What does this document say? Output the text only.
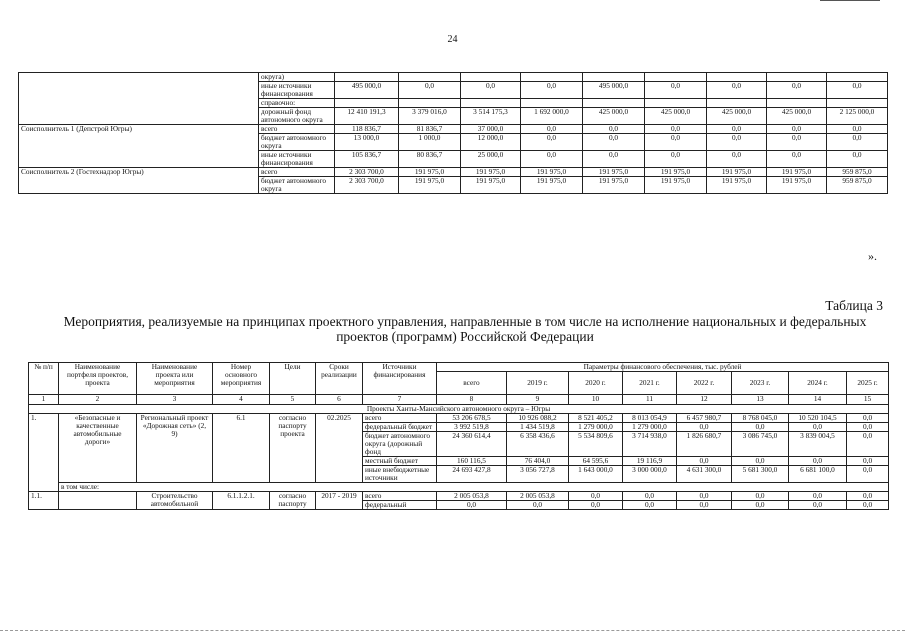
24
	округа)									
	иные источники финансирования	495 000,0	0,0	0,0	0,0	495 000,0	0,0	0,0	0,0	0,0
	справочно:									
	дорожный фонд автономного округа	12 410 191,3	3 379 016,0	3 514 175,3	1 692 000,0	425 000,0	425 000,0	425 000,0	425 000,0	2 125 000,0
Соисполнитель 1 (Депстрой Югры)	всего	118 836,7	81 836,7	37 000,0	0,0	0,0	0,0	0,0	0,0	0,0
	бюджет автономного округа	13 000,0	1 000,0	12 000,0	0,0	0,0	0,0	0,0	0,0	0,0
	иные источники финансирования	105 836,7	80 836,7	25 000,0	0,0	0,0	0,0	0,0	0,0	0,0
Соисполнитель 2 (Гостехнадзор Югры)	всего	2 303 700,0	191 975,0	191 975,0	191 975,0	191 975,0	191 975,0	191 975,0	191 975,0	959 875,0
	бюджет автономного округа	2 303 700,0	191 975,0	191 975,0	191 975,0	191 975,0	191 975,0	191 975,0	191 975,0	959 875,0
».
Таблица 3
Мероприятия, реализуемые на принципах проектного управления, направленные в том числе на исполнение национальных и федеральных проектов (программ) Российской Федерации
№ п/п	Наименование портфеля проектов, проекта	Наименование проекта или мероприятия	Номер основного мероприятия	Цели	Сроки реализации	Источники финансирования	Параметры финансового обеспечения, тыс. рублей							
							всего	2019 г.	2020 г.	2021 г.	2022 г.	2023 г.	2024 г.	2025 г.
1	2	3	4	5	6	7	8	9	10	11	12	13	14	15
Проекты Ханты-Мансийского автономного округа – Югры														
1.	«Безопасные и качественные автомобильные дороги»	Региональный проект «Дорожная сеть» (2, 9)	6.1	согласно паспорту проекта	02.2025	всего	53 206 678,5	10 926 088,2	8 521 405,2	8 013 054,9	6 457 980,7	8 768 045,0	10 520 104,5	0,0
						федеральный бюджет	3 992 519,8	1 434 519,8	1 279 000,0	1 279 000,0	0,0	0,0	0,0	0,0
						бюджет автономного округа (дорожный фонд	24 360 614,4	6 358 436,6	5 534 809,6	3 714 938,0	1 826 680,7	3 086 745,0	3 839 004,5	0,0
						местный бюджет	160 116,5	76 404,0	64 595,6	19 116,9	0,0	0,0	0,0	0,0
						иные внебюджетные источники	24 693 427,8	3 056 727,8	1 643 000,0	3 000 000,0	4 631 300,0	5 681 300,0	6 681 100,0	0,0
	в том числе:													
1.1.		Строительство автомобильной	6.1.1.2.1.	согласно паспорту	2017 - 2019	всего	2 005 053,8	2 005 053,8	0,0	0,0	0,0	0,0	0,0	0,0
						федеральный	0,0	0,0	0,0	0,0	0,0	0,0	0,0	0,0
